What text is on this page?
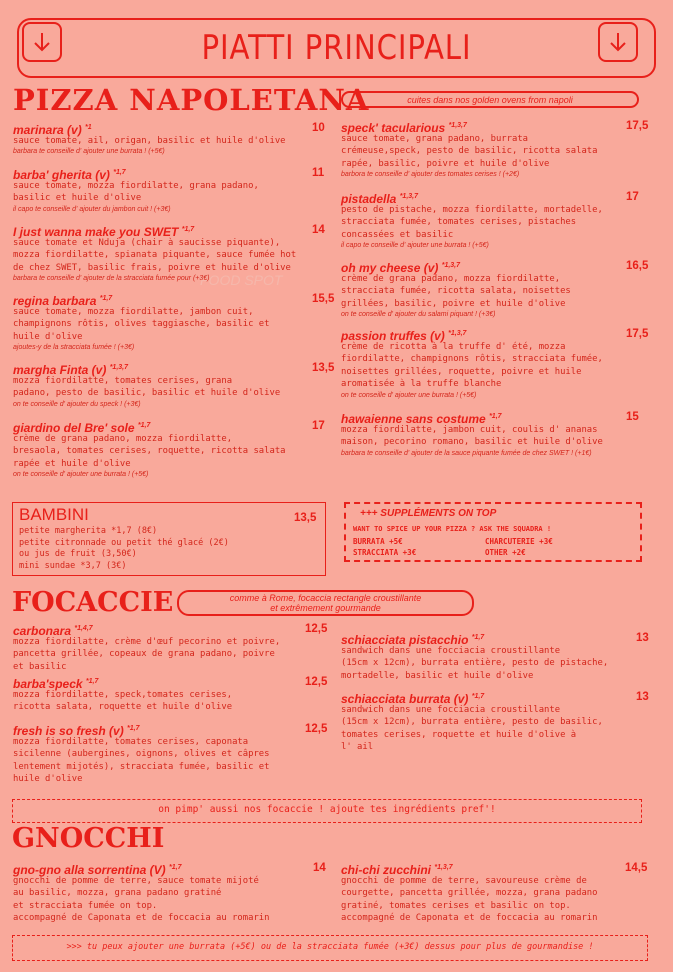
PIATTI PRINCIPALI
PIZZA NAPOLETANA	cuites dans nos golden ovens from napoli
FOOD SPOT
marinara (v) $^{*1}$	10
sauce tomate, ail, origan, basilic et huile d'olive
barbara te conseille d' ajouter une burrata ! (+5€)
barba' gherita (v) $^{*1,7}$	11
sauce tomate, mozza fiordilatte, grana padano,
basilic et huile d'olive
il capo te conseille d' ajouter du jambon cuit ! (+3€)
I just wanna make you SWET $^{*1,7}$	14
sauce tomate et Nduja (chair à saucisse piquante),
mozza fiordilatte, spianata piquante, sauce fumée hot
de chez SWET, basilic frais, poivre et huile d'olive
barbara te conseille d' ajouter de la stracciata fumée pour (+3€)
regina barbara $^{*1,7}$	15,5
sauce tomate, mozza fiordilatte, jambon cuit,
champignons rôtis, olives taggiasche, basilic et
huile d'olive
ajoutes-y de la stracciata fumée ! (+3€)
margha Finta (v) $^{*1,3,7}$	13,5
mozza fiordilatte, tomates cerises, grana
padano, pesto de basilic, basilic et huile d'olive
on te conseille d' ajouter du speck ! (+3€)
giardino del Bre' sole $^{*1,7}$	17
crème de grana padano, mozza fiordilatte,
bresaola, tomates cerises, roquette, ricotta salata
rapée et huile d'olive
on te conseille d' ajouter une burrata ! (+5€)
speck' tacularious $^{*1,3,7}$	17,5
sauce tomate, grana padano, burrata
crémeuse,speck, pesto de basilic, ricotta salata
rapée, basilic, poivre et huile d'olive
barbora te conseille d' ajouter des tomates cerises ! (+2€)
pistadella $^{*1,3,7}$	17
pesto de pistache, mozza fiordilatte, mortadelle,
stracciata fumée, tomates cerises, pistaches
concassées et basilic
il capo te conseille d' ajouter une burrata ! (+5€)
oh my cheese (v) $^{*1,3,7}$	16,5
crème de grana padano, mozza fiordilatte,
stracciata fumée, ricotta salata, noisettes
grillées, basilic, poivre et huile d'olive
on te conseille d' ajouter du salami piquant ! (+3€)
passion truffes (v) $^{*1,3,7}$	17,5
crème de ricotta à la truffe d' été, mozza
fiordilatte, champignons rôtis, stracciata fumée,
noisettes grillées, roquette, poivre et huile
aromatisée à la truffe blanche
on te conseille d' ajouter une burrata ! (+5€)
hawaienne sans costume $^{*1,7}$	15
mozza fiordilatte, jambon cuit, coulis d' ananas
maison, pecorino romano, basilic et huile d'olive
barbara te conseille d' ajouter de la sauce piquante fumée de chez SWET ! (+1€)
BAMBINI	13,5
petite margherita *1,7 (8€)
petite citronnade ou petit thé glacé (2€)
ou jus de fruit (3,50€)
mini sundae *3,7 (3€)
+++ SUPPLÉMENTS ON TOP
WANT TO SPICE UP YOUR PIZZA ? ASK THE SQUADRA !
BURRATA +5€
STRACCIATA +3€
CHARCUTERIE +3€
OTHER +2€
FOCACCIE	comme à Rome, focaccia rectangle croustillante
et extrêmement gourmande
carbonara $^{*1,4,7}$	12,5
mozza fiordilatte, crème d'œuf pecorino et poivre,
pancetta grillée, copeaux de grana padano, poivre
et basilic
barba'speck $^{*1,7}$	12,5
mozza fiordilatte, speck,tomates cerises,
ricotta salata, roquette et huile d'olive
fresh is so fresh (v) $^{*1,7}$	12,5
mozza fiordilatte, tomates cerises, caponata
sicilenne (aubergines, oignons, olives et câpres
lentement mijotés), stracciata fumée, basilic et
huile d'olive
schiacciata pistacchio $^{*1,7}$	13
sandwich dans une focciacia croustillante
(15cm x 12cm), burrata entière, pesto de pistache,
mortadelle, basilic et huile d'olive
schiacciata burrata (v) $^{*1,7}$	13
sandwich dans une focciacia croustillante
(15cm x 12cm), burrata entière, pesto de basilic,
tomates cerises, roquette et huile d'olive à
l' ail
on pimp' aussi nos focaccie ! ajoute tes ingrédients pref'!
GNOCCHI
gno-gno alla sorrentina (V) $^{*1,7}$	14
gnocchi de pomme de terre, sauce tomate mijoté
au basilic, mozza, grana padano gratiné
et stracciata fumée on top.
accompagné de Caponata et de foccacia au romarin
chi-chi zucchini $^{*1,3,7}$	14,5
gnocchi de pomme de terre, savoureuse crème de
courgette, pancetta grillée, mozza, grana padano
gratiné, tomates cerises et basilic on top.
accompagné de Caponata et de foccacia au romarin
>>> tu peux ajouter une burrata (+5€) ou de la stracciata fumée (+3€) dessus pour plus de gourmandise !
